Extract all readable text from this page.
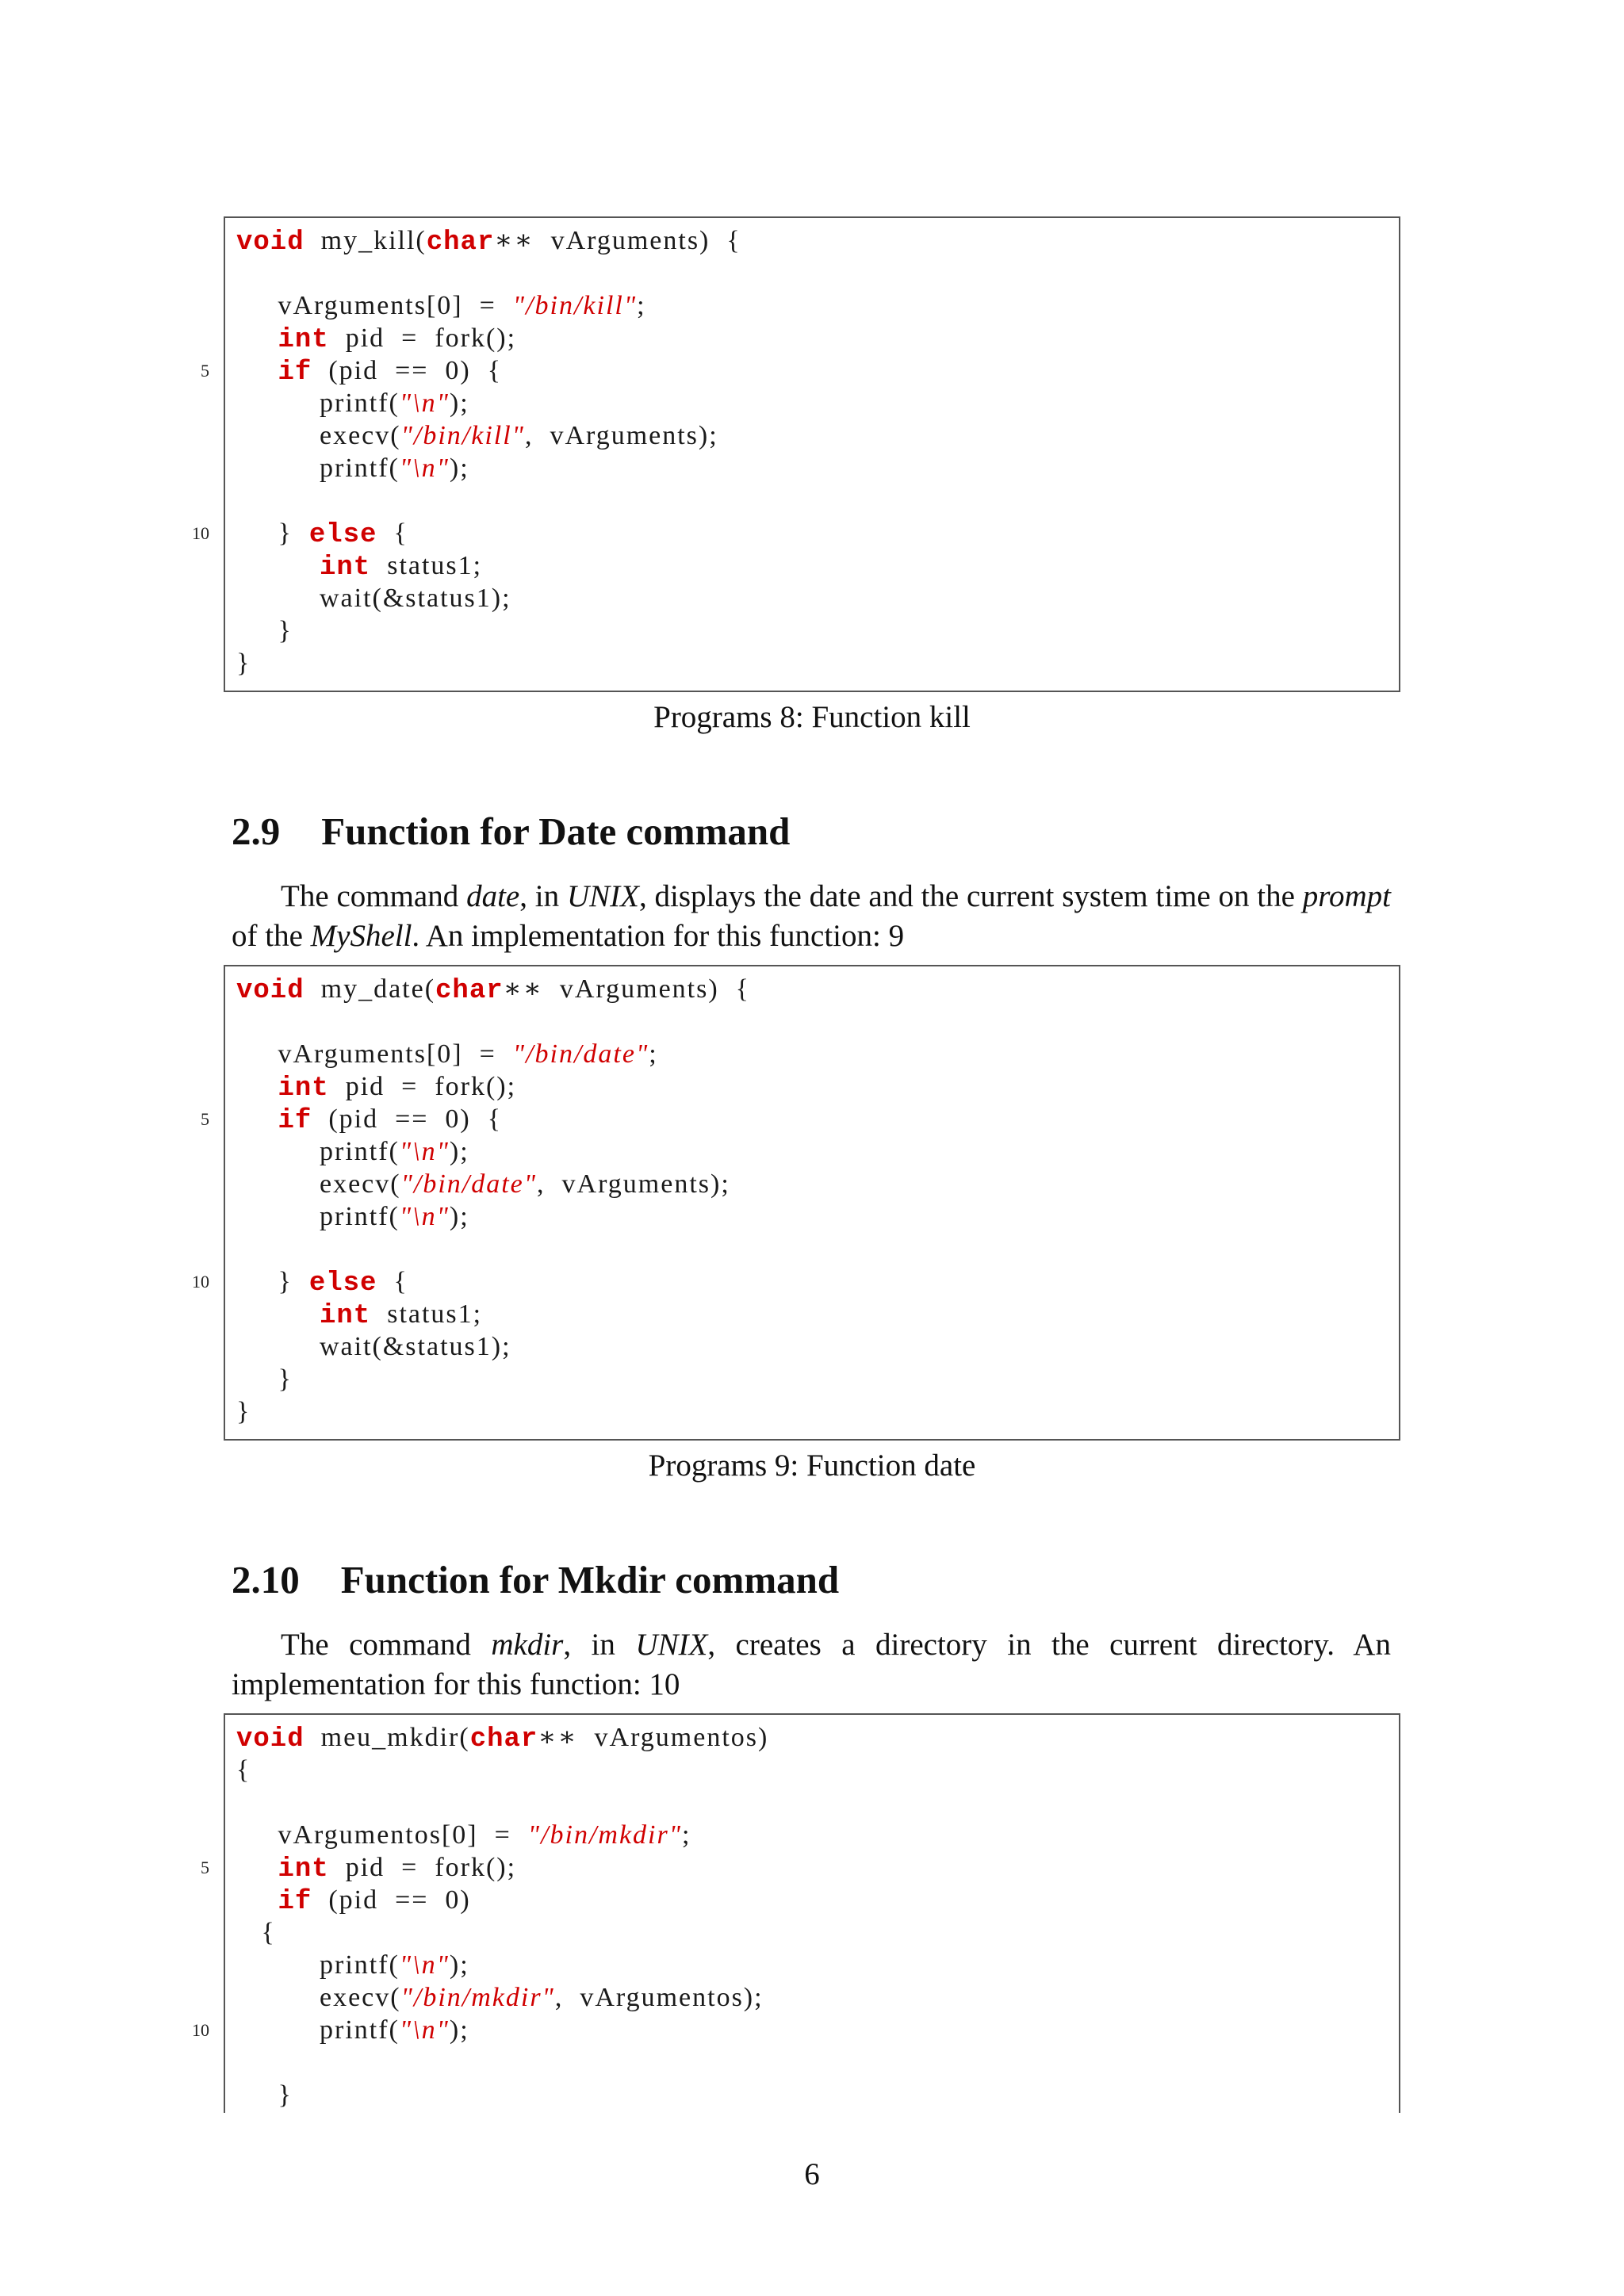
void  my_kill(char∗∗  vArguments)  {
vArguments[0]  =  "/bin/kill";
int  pid  =  fork();
5	if  (pid  ==  0)  {
printf("\n");
execv("/bin/kill",  vArguments);
printf("\n");
10 }  else  {
int  status1;
wait(&status1);
}
}
Programs 8: Function kill
2.9 Function for Date command
The command date, in UNIX, displays the date and the current system time on the prompt of the MyShell. An implementation for this function: 9
void  my_date(char∗∗  vArguments)  {
vArguments[0]  =  "/bin/date";
int  pid  =  fork();
5	if  (pid  ==  0)  {
printf("\n");
execv("/bin/date",  vArguments);
printf("\n");
10 }  else  {
int  status1;
wait(&status1);
}
}
Programs 9: Function date
2.10 Function for Mkdir command
The command mkdir, in UNIX, creates a directory in the current directory. An implementation for this function: 10
void  meu_mkdir(char∗∗  vArgumentos)
{
vArgumentos[0]  =  "/bin/mkdir";
5	int  pid  =  fork();
if  (pid  ==  0)
{
printf("\n");
execv("/bin/mkdir",  vArgumentos);
10 printf("\n");
}
6
